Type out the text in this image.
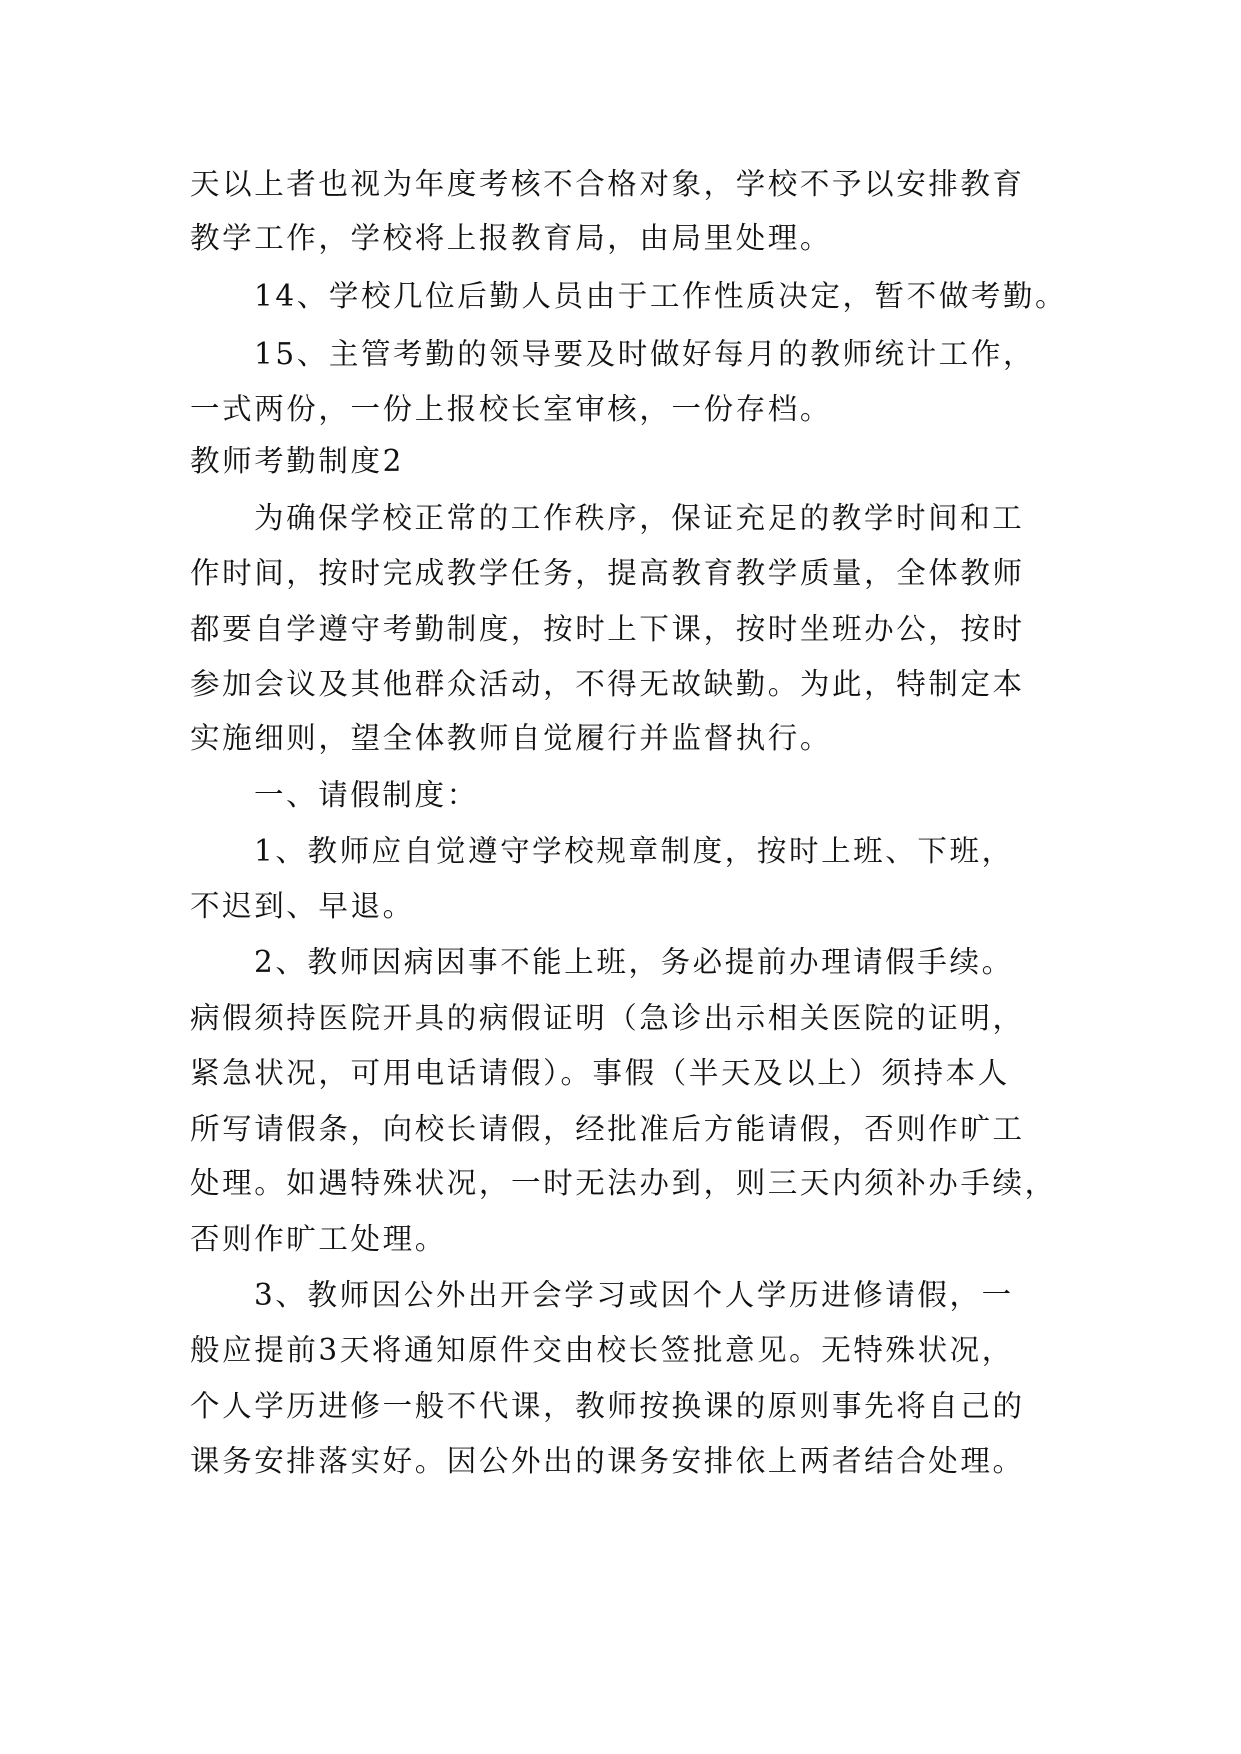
天以上者也视为年度考核不合格对象，学校不予以安排教育
教学工作，学校将上报教育局，由局里处理。
14、学校几位后勤人员由于工作性质决定，暂不做考勤。
15、主管考勤的领导要及时做好每月的教师统计工作，
一式两份，一份上报校长室审核，一份存档。
教师考勤制度2
为确保学校正常的工作秩序，保证充足的教学时间和工
作时间，按时完成教学任务，提高教育教学质量，全体教师
都要自学遵守考勤制度，按时上下课，按时坐班办公，按时
参加会议及其他群众活动，不得无故缺勤。为此，特制定本
实施细则，望全体教师自觉履行并监督执行。
一、请假制度：
1、教师应自觉遵守学校规章制度，按时上班、下班，
不迟到、早退。
2、教师因病因事不能上班，务必提前办理请假手续。
病假须持医院开具的病假证明（急诊出示相关医院的证明，
紧急状况，可用电话请假）。事假（半天及以上）须持本人
所写请假条，向校长请假，经批准后方能请假，否则作旷工
处理。如遇特殊状况，一时无法办到，则三天内须补办手续，
否则作旷工处理。
3、教师因公外出开会学习或因个人学历进修请假，一
般应提前3天将通知原件交由校长签批意见。无特殊状况，
个人学历进修一般不代课，教师按换课的原则事先将自己的
课务安排落实好。因公外出的课务安排依上两者结合处理。
